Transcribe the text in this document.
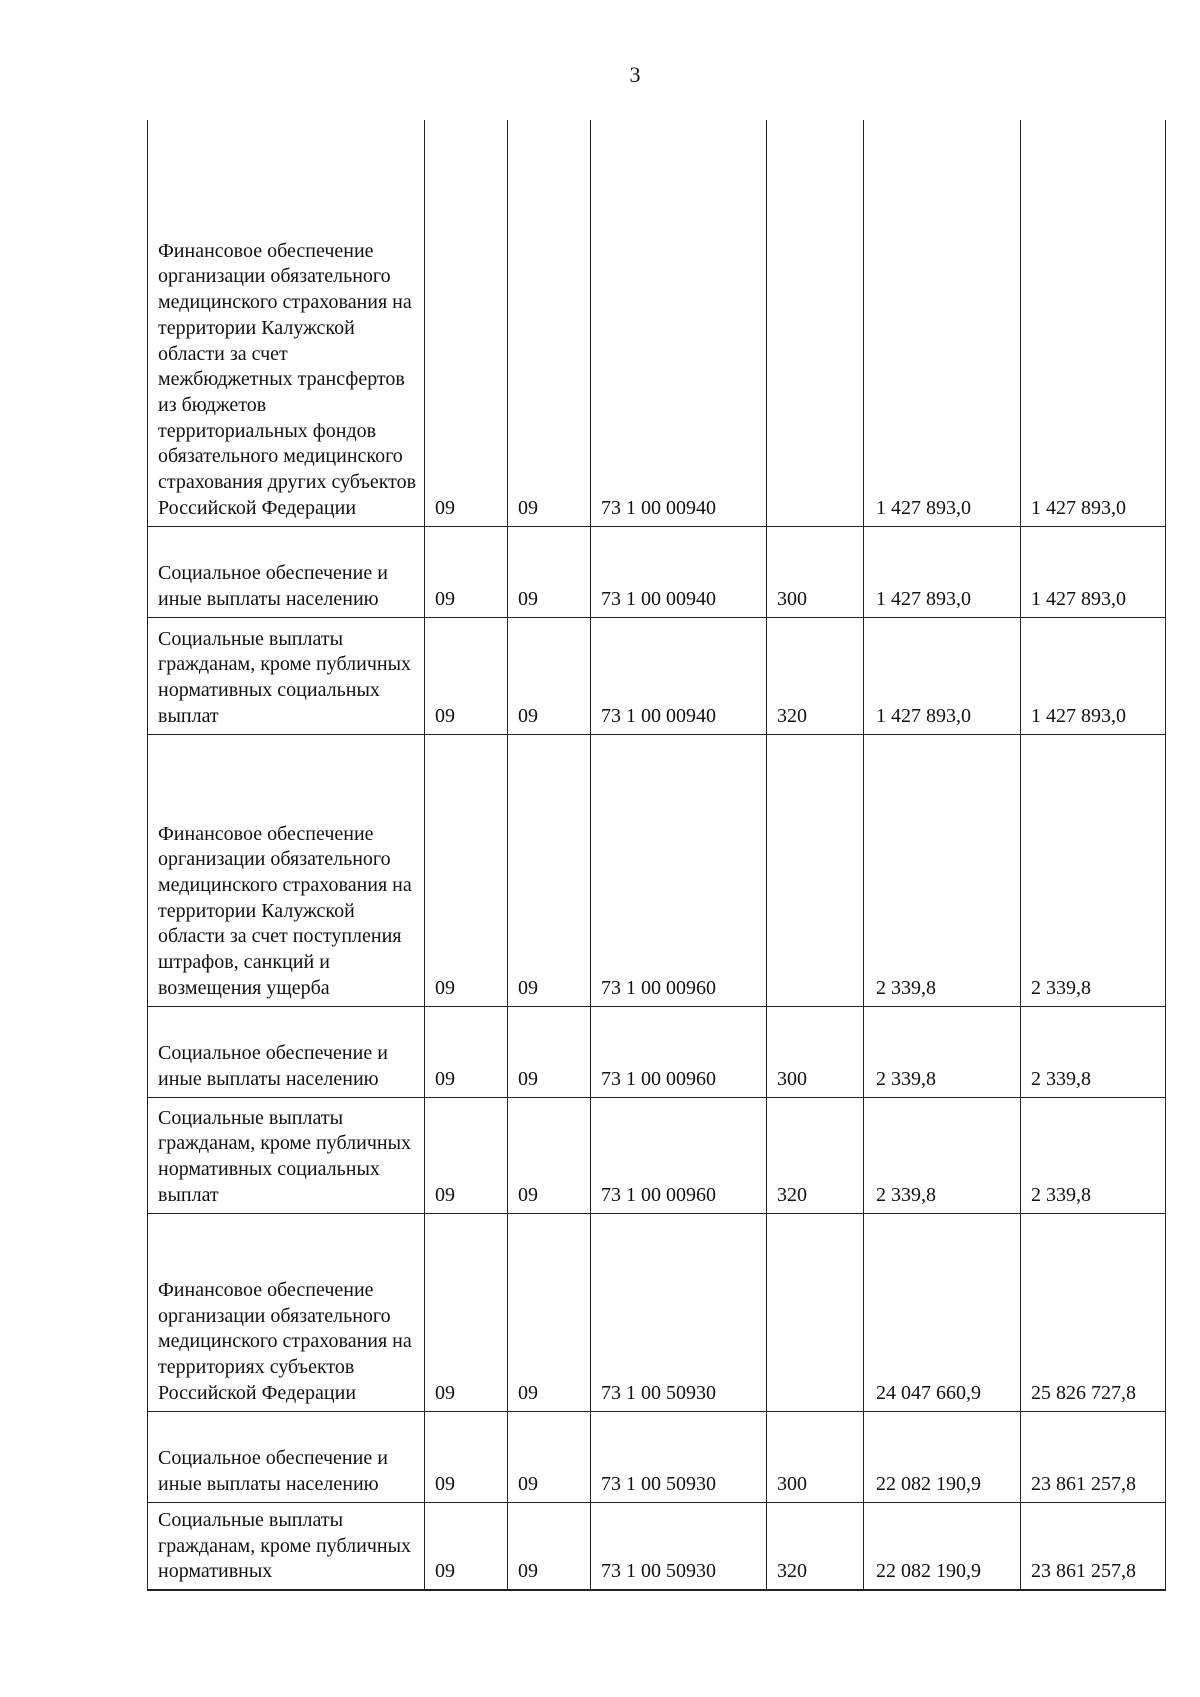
3
Финансовое обеспечение организации обязательного медицинского страхования на территории Калужской области за счет межбюджетных трансфертов из бюджетов территориальных фондов обязательного медицинского страхования других субъектов Российской Федерации	09	09	73 1 00 00940		1 427 893,0	1 427 893,0
Социальное обеспечение и иные выплаты населению	09	09	73 1 00 00940	300	1 427 893,0	1 427 893,0
Социальные выплаты гражданам, кроме публичных нормативных социальных выплат	09	09	73 1 00 00940	320	1 427 893,0	1 427 893,0
Финансовое обеспечение организации обязательного медицинского страхования на территории Калужской области за счет поступления штрафов, санкций и возмещения ущерба	09	09	73 1 00 00960		2 339,8	2 339,8
Социальное обеспечение и иные выплаты населению	09	09	73 1 00 00960	300	2 339,8	2 339,8
Социальные выплаты гражданам, кроме публичных нормативных социальных выплат	09	09	73 1 00 00960	320	2 339,8	2 339,8
Финансовое обеспечение организации обязательного медицинского страхования на территориях субъектов Российской Федерации	09	09	73 1 00 50930		24 047 660,9	25 826 727,8
Социальное обеспечение и иные выплаты населению	09	09	73 1 00 50930	300	22 082 190,9	23 861 257,8
Социальные выплаты гражданам, кроме публичных нормативных	09	09	73 1 00 50930	320	22 082 190,9	23 861 257,8
